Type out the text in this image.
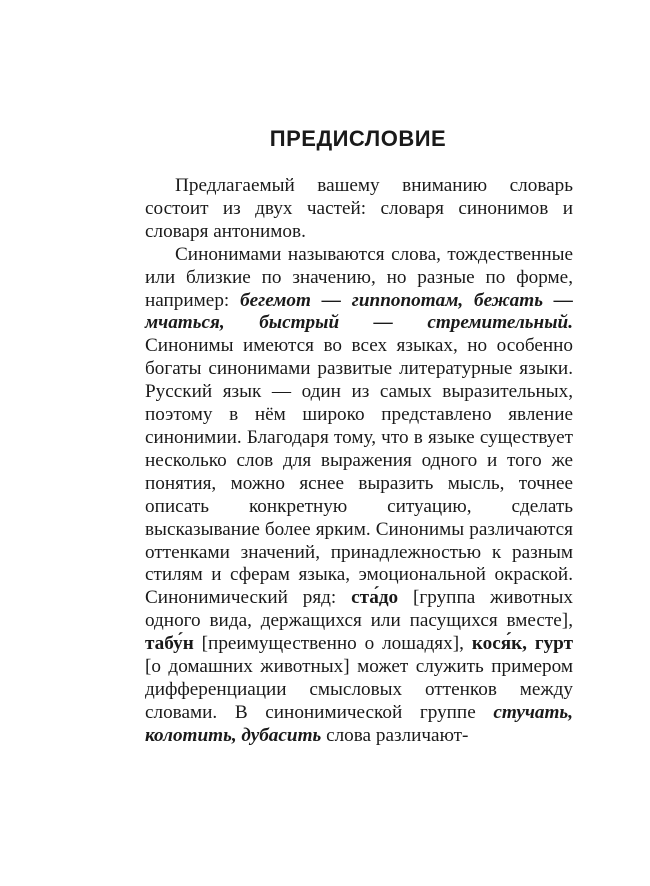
ПРЕДИСЛОВИЕ

Предлагаемый вашему вниманию словарь состоит из двух частей: словаря синонимов и словаря антонимов.

Синонимами называются слова, тождественные или близкие по значению, но разные по форме, например: бегемот — гиппопотам, бежать — мчаться, быстрый — стремительный. Синонимы имеются во всех языках, но особенно богаты синонимами развитые литературные языки. Русский язык — один из самых выразительных, поэтому в нём широко представлено явление синонимии. Благодаря тому, что в языке существует несколько слов для выражения одного и того же понятия, можно яснее выразить мысль, точнее описать конкретную ситуацию, сделать высказывание более ярким. Синонимы различаются оттенками значений, принадлежностью к разным стилям и сферам языка, эмоциональной окраской. Синонимический ряд: ста́до [группа животных одного вида, держащихся или пасущихся вместе], табу́н [преимущественно о лошадях], кося́к, гурт [о домашних животных] может служить примером дифференциации смысловых оттенков между словами. В синонимической группе стучать, колотить, дубасить слова различают-
